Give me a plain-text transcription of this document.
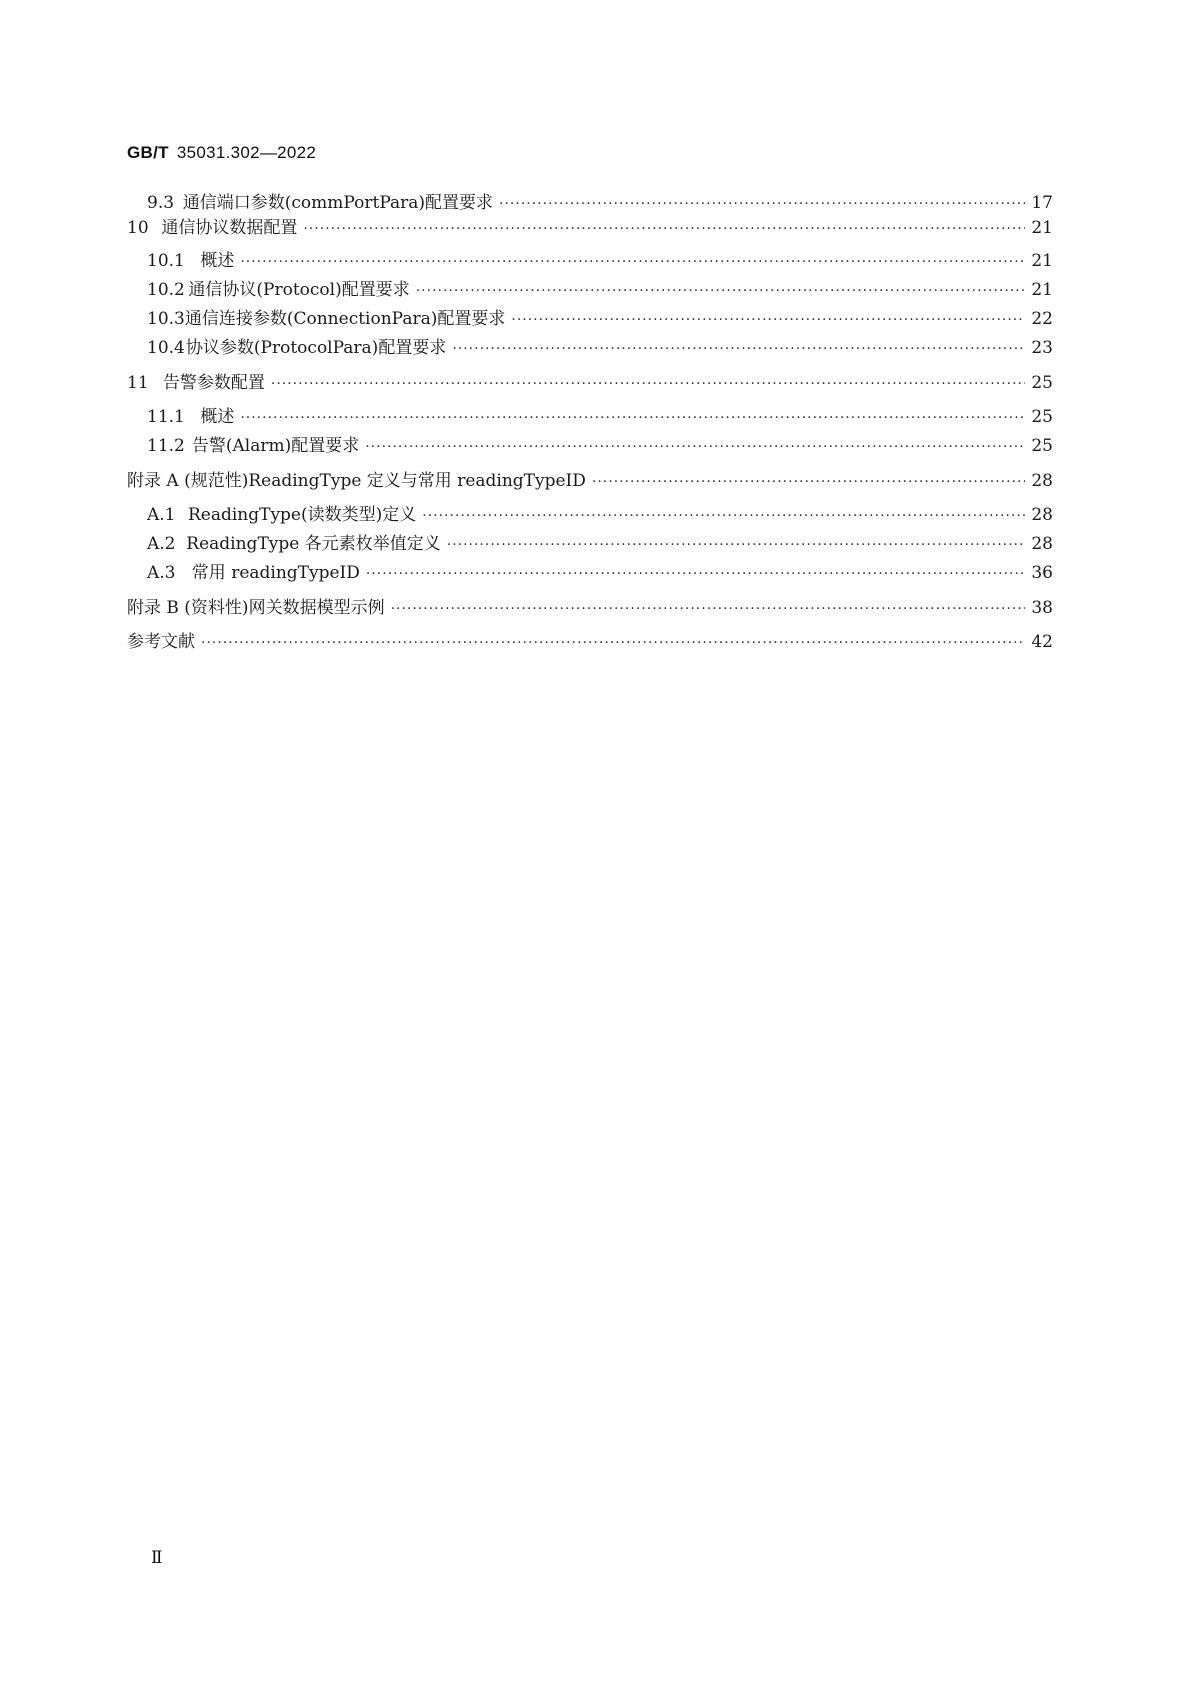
GB/T 35031.302—2022
9.3 通信端口参数(commPortPara)配置要求 ·····	17
10 通信协议数据配置 ·····	21
10.1 概述 ·····	21
10.2 通信协议(Protocol)配置要求 ·····	21
10.3 通信连接参数(ConnectionPara)配置要求 ·····	22
10.4 协议参数(ProtocolPara)配置要求 ·····	23
11 告警参数配置 ·····	25
11.1 概述 ·····	25
11.2 告警(Alarm)配置要求 ·····	25
附录 A (规范性) ReadingType 定义与常用 readingTypeID ·····	28
A.1 ReadingType(读数类型)定义 ·····	28
A.2 ReadingType 各元素枚举值定义 ·····	28
A.3 常用 readingTypeID ·····	36
附录 B (资料性) 网关数据模型示例 ·····	38
参考文献 ·····	42
Ⅱ
